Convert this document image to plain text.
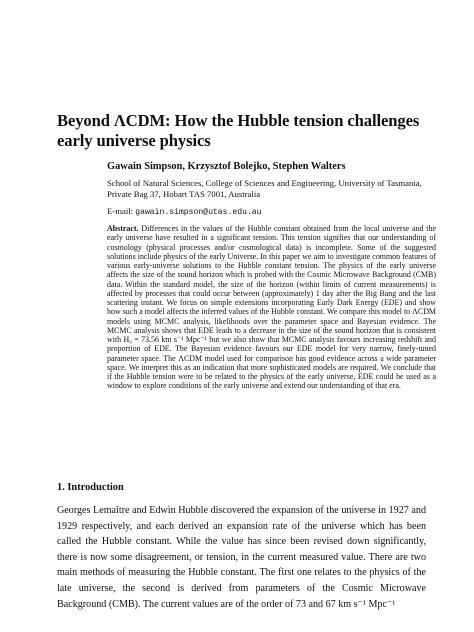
Beyond ΛCDM: How the Hubble tension challenges early universe physics
Gawain Simpson, Krzysztof Bolejko, Stephen Walters
School of Natural Sciences, College of Sciences and Engineering, University of Tasmania, Private Bag 37, Hobart TAS 7001, Australia
E-mail: gawain.simpson@utas.edu.au
Abstract. Differences in the values of the Hubble constant obtained from the local universe and the early universe have resulted in a significant tension. This tension signifies that our understanding of cosmology (physical processes and/or cosmological data) is incomplete. Some of the suggested solutions include physics of the early Universe. In this paper we aim to investigate common features of various early-universe solutions to the Hubble constant tension. The physics of the early universe affects the size of the sound horizon which is probed with the Cosmic Microwave Background (CMB) data. Within the standard model, the size of the horizon (within limits of current measurements) is affected by processes that could occur between (approximately) 1 day after the Big Bang and the last scattering instant. We focus on simple extensions incorporating Early Dark Energy (EDE) and show how such a model affects the inferred values of the Hubble constant. We compare this model to ΛCDM models using MCMC analysis, likelihoods over the parameter space and Bayesian evidence. The MCMC analysis shows that EDE leads to a decrease in the size of the sound horizon that is consistent with H₀ = 73.56 km s⁻¹ Mpc⁻¹ but we also show that MCMC analysis favours increasing redshift and proportion of EDE. The Bayesian evidence favours our EDE model for very narrow, finely-tuned parameter space. The ΛCDM model used for comparison has good evidence across a wide parameter space. We interpret this as an indication that more sophisticated models are required. We conclude that if the Hubble tension were to be related to the physics of the early universe, EDE could be used as a window to explore conditions of the early universe and extend our understanding of that era.
1. Introduction
Georges Lemaître and Edwin Hubble discovered the expansion of the universe in 1927 and 1929 respectively, and each derived an expansion rate of the universe which has been called the Hubble constant. While the value has since been revised down significantly, there is now some disagreement, or tension, in the current measured value. There are two main methods of measuring the Hubble constant. The first one relates to the physics of the late universe, the second is derived from parameters of the Cosmic Microwave Background (CMB). The current values are of the order of 73 and 67 km s⁻¹ Mpc⁻¹
